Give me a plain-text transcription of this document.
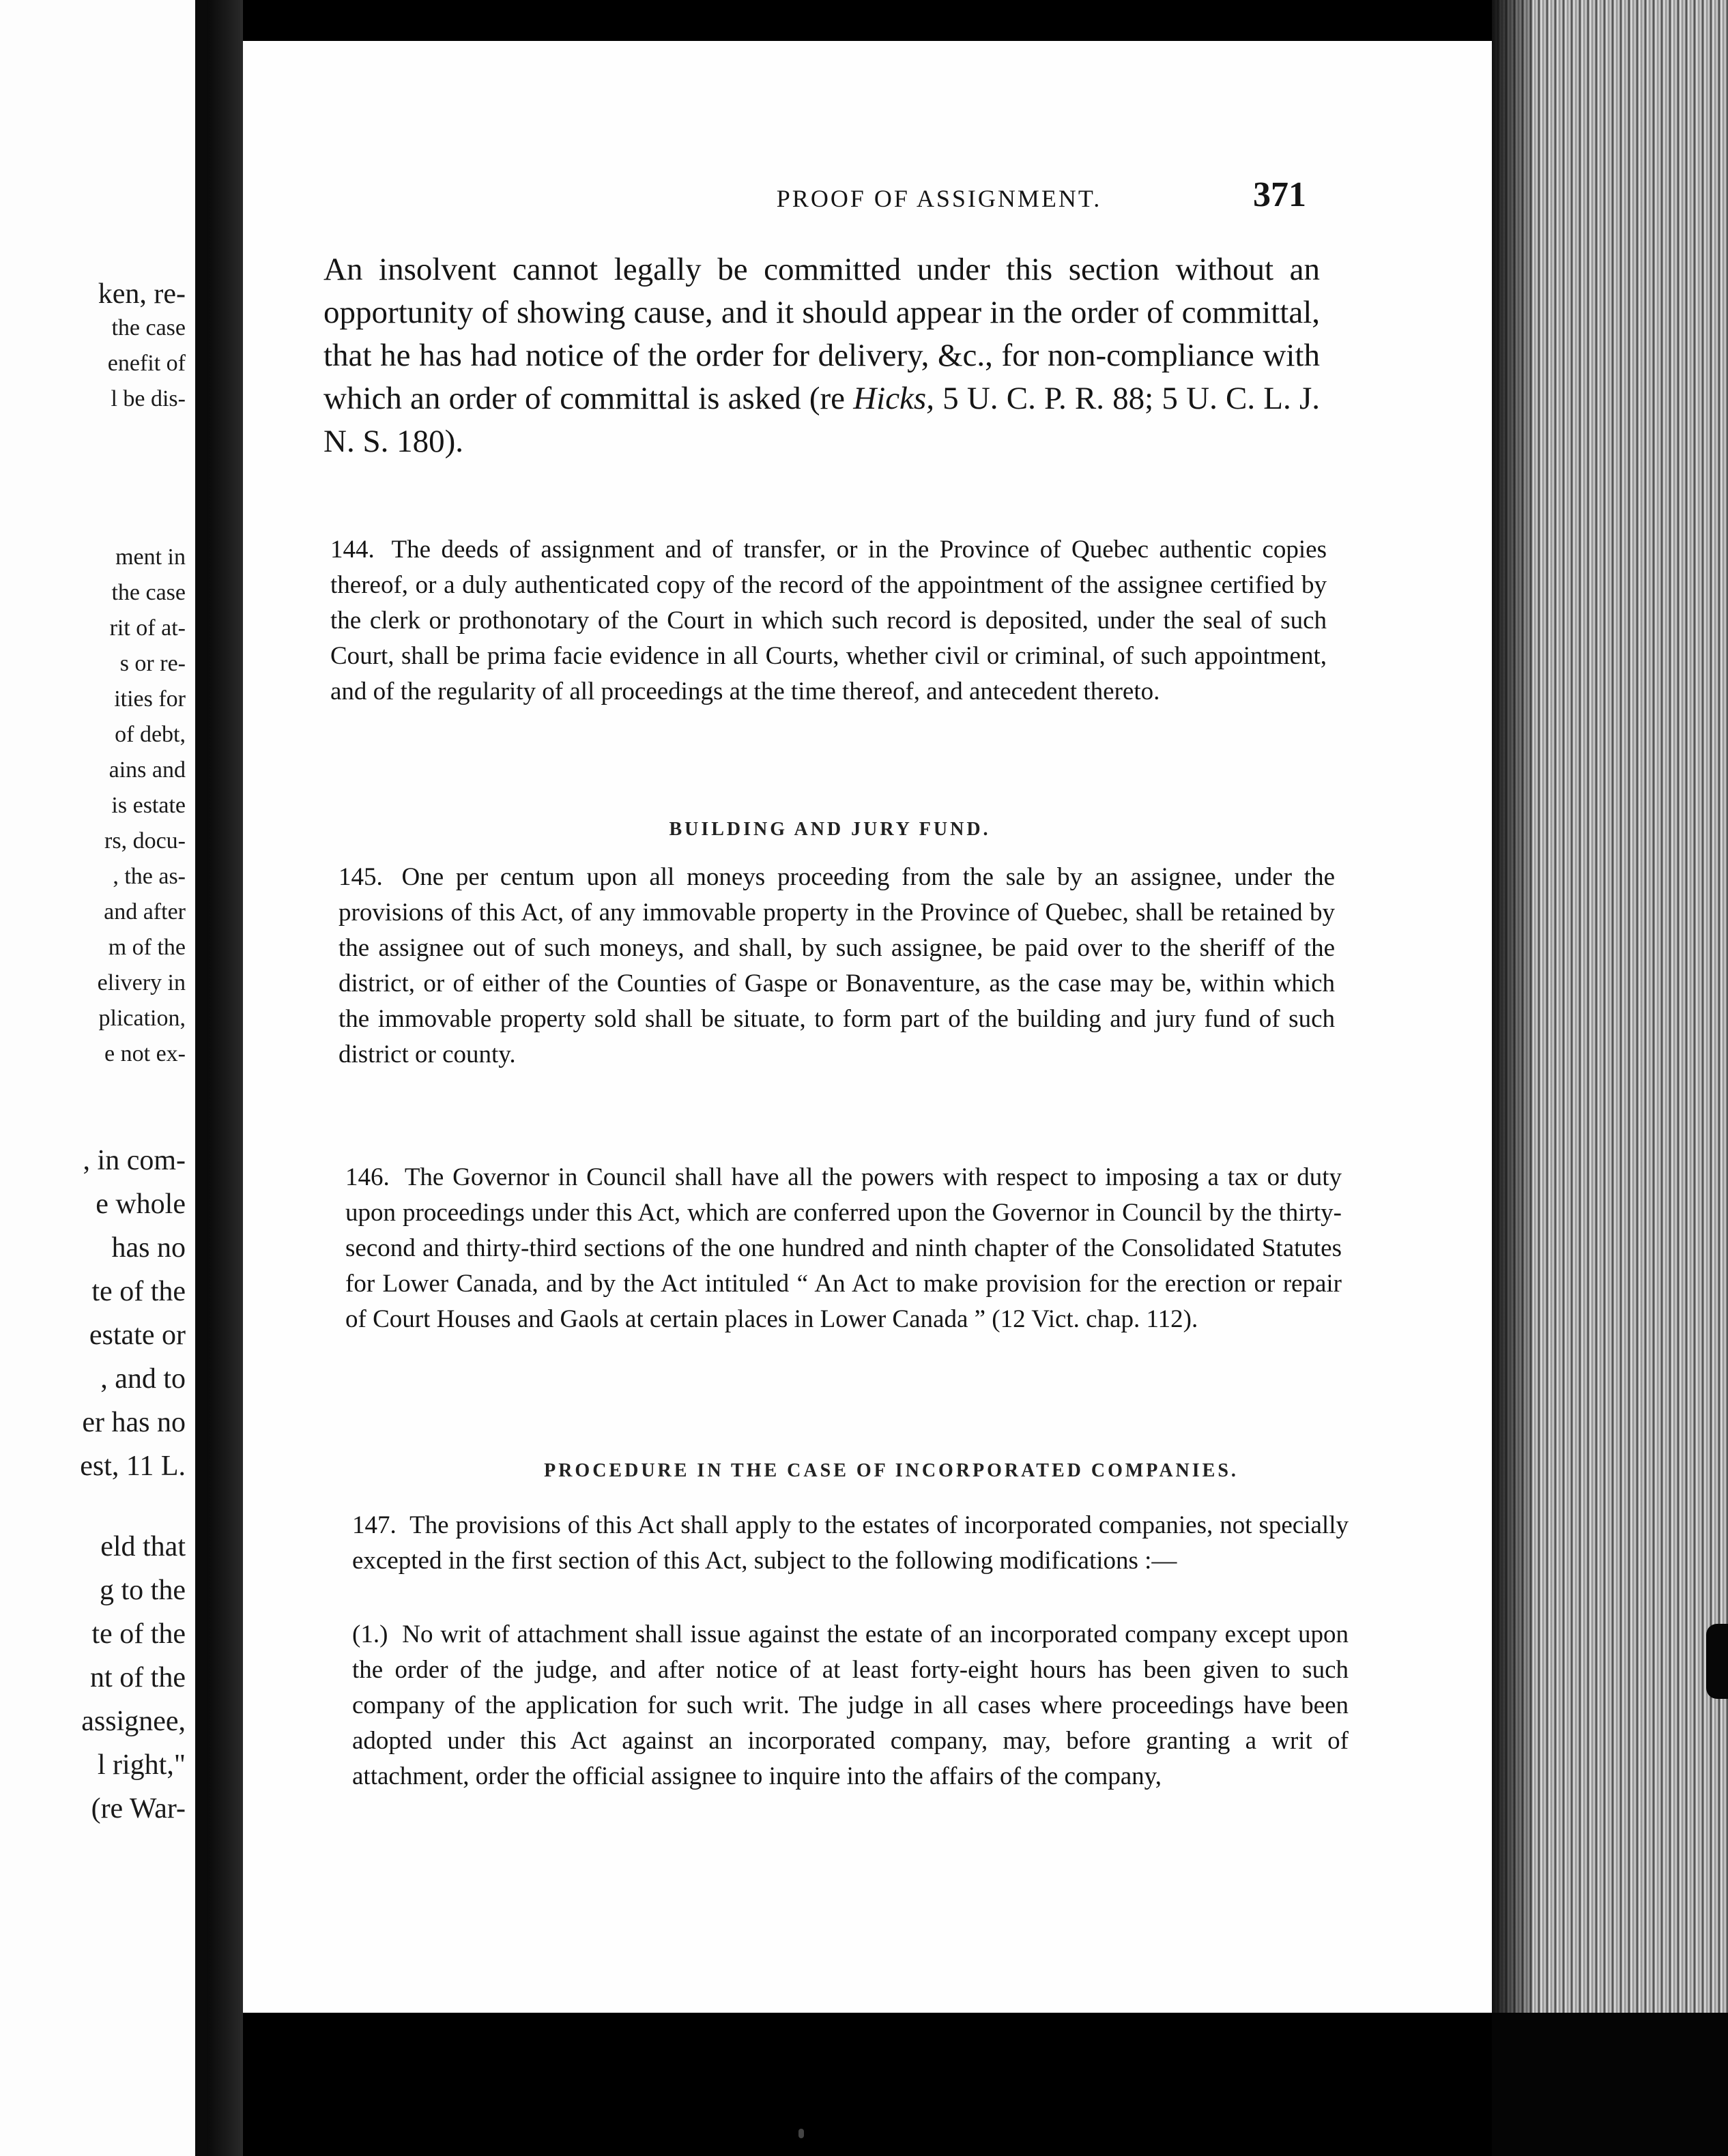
ken, re-
the case
enefit of
l be dis-
ment in
the case
rit of at-
s or re-
ities for
of debt,
ains and
is estate
rs, docu-
, the as-
and after
m of the
elivery in
plication,
e not ex-
, in com-
e whole
has no
te of the
estate or
, and to
er has no
est, 11 L.
eld that
g to the
te of the
nt of the
assignee,
l right,"
(re War-
PROOF OF ASSIGNMENT.	371
An insolvent cannot legally be committed under this section without an opportunity of showing cause, and it should appear in the order of committal, that he has had notice of the order for delivery, &c., for non-compliance with which an order of committal is asked (re Hicks, 5 U. C. P. R. 88; 5 U. C. L. J. N. S. 180).
144. The deeds of assignment and of transfer, or in the Province of Quebec authentic copies thereof, or a duly authenticated copy of the record of the appointment of the assignee certified by the clerk or prothonotary of the Court in which such record is deposited, under the seal of such Court, shall be prima facie evidence in all Courts, whether civil or criminal, of such appointment, and of the regularity of all proceedings at the time thereof, and antecedent thereto.
BUILDING AND JURY FUND.
145. One per centum upon all moneys proceeding from the sale by an assignee, under the provisions of this Act, of any immovable property in the Province of Quebec, shall be retained by the assignee out of such moneys, and shall, by such assignee, be paid over to the sheriff of the district, or of either of the Counties of Gaspe or Bonaventure, as the case may be, within which the immovable property sold shall be situate, to form part of the building and jury fund of such district or county.
146. The Governor in Council shall have all the powers with respect to imposing a tax or duty upon proceedings under this Act, which are conferred upon the Governor in Council by the thirty-second and thirty-third sections of the one hundred and ninth chapter of the Consolidated Statutes for Lower Canada, and by the Act intituled “ An Act to make provision for the erection or repair of Court Houses and Gaols at certain places in Lower Canada ” (12 Vict. chap. 112).
PROCEDURE IN THE CASE OF INCORPORATED COMPANIES.
147. The provisions of this Act shall apply to the estates of incorporated companies, not specially excepted in the first section of this Act, subject to the following modifications :—
(1.) No writ of attachment shall issue against the estate of an incorporated company except upon the order of the judge, and after notice of at least forty-eight hours has been given to such company of the application for such writ. The judge in all cases where proceedings have been adopted under this Act against an incorporated company, may, before granting a writ of attachment, order the official assignee to inquire into the affairs of the company,
